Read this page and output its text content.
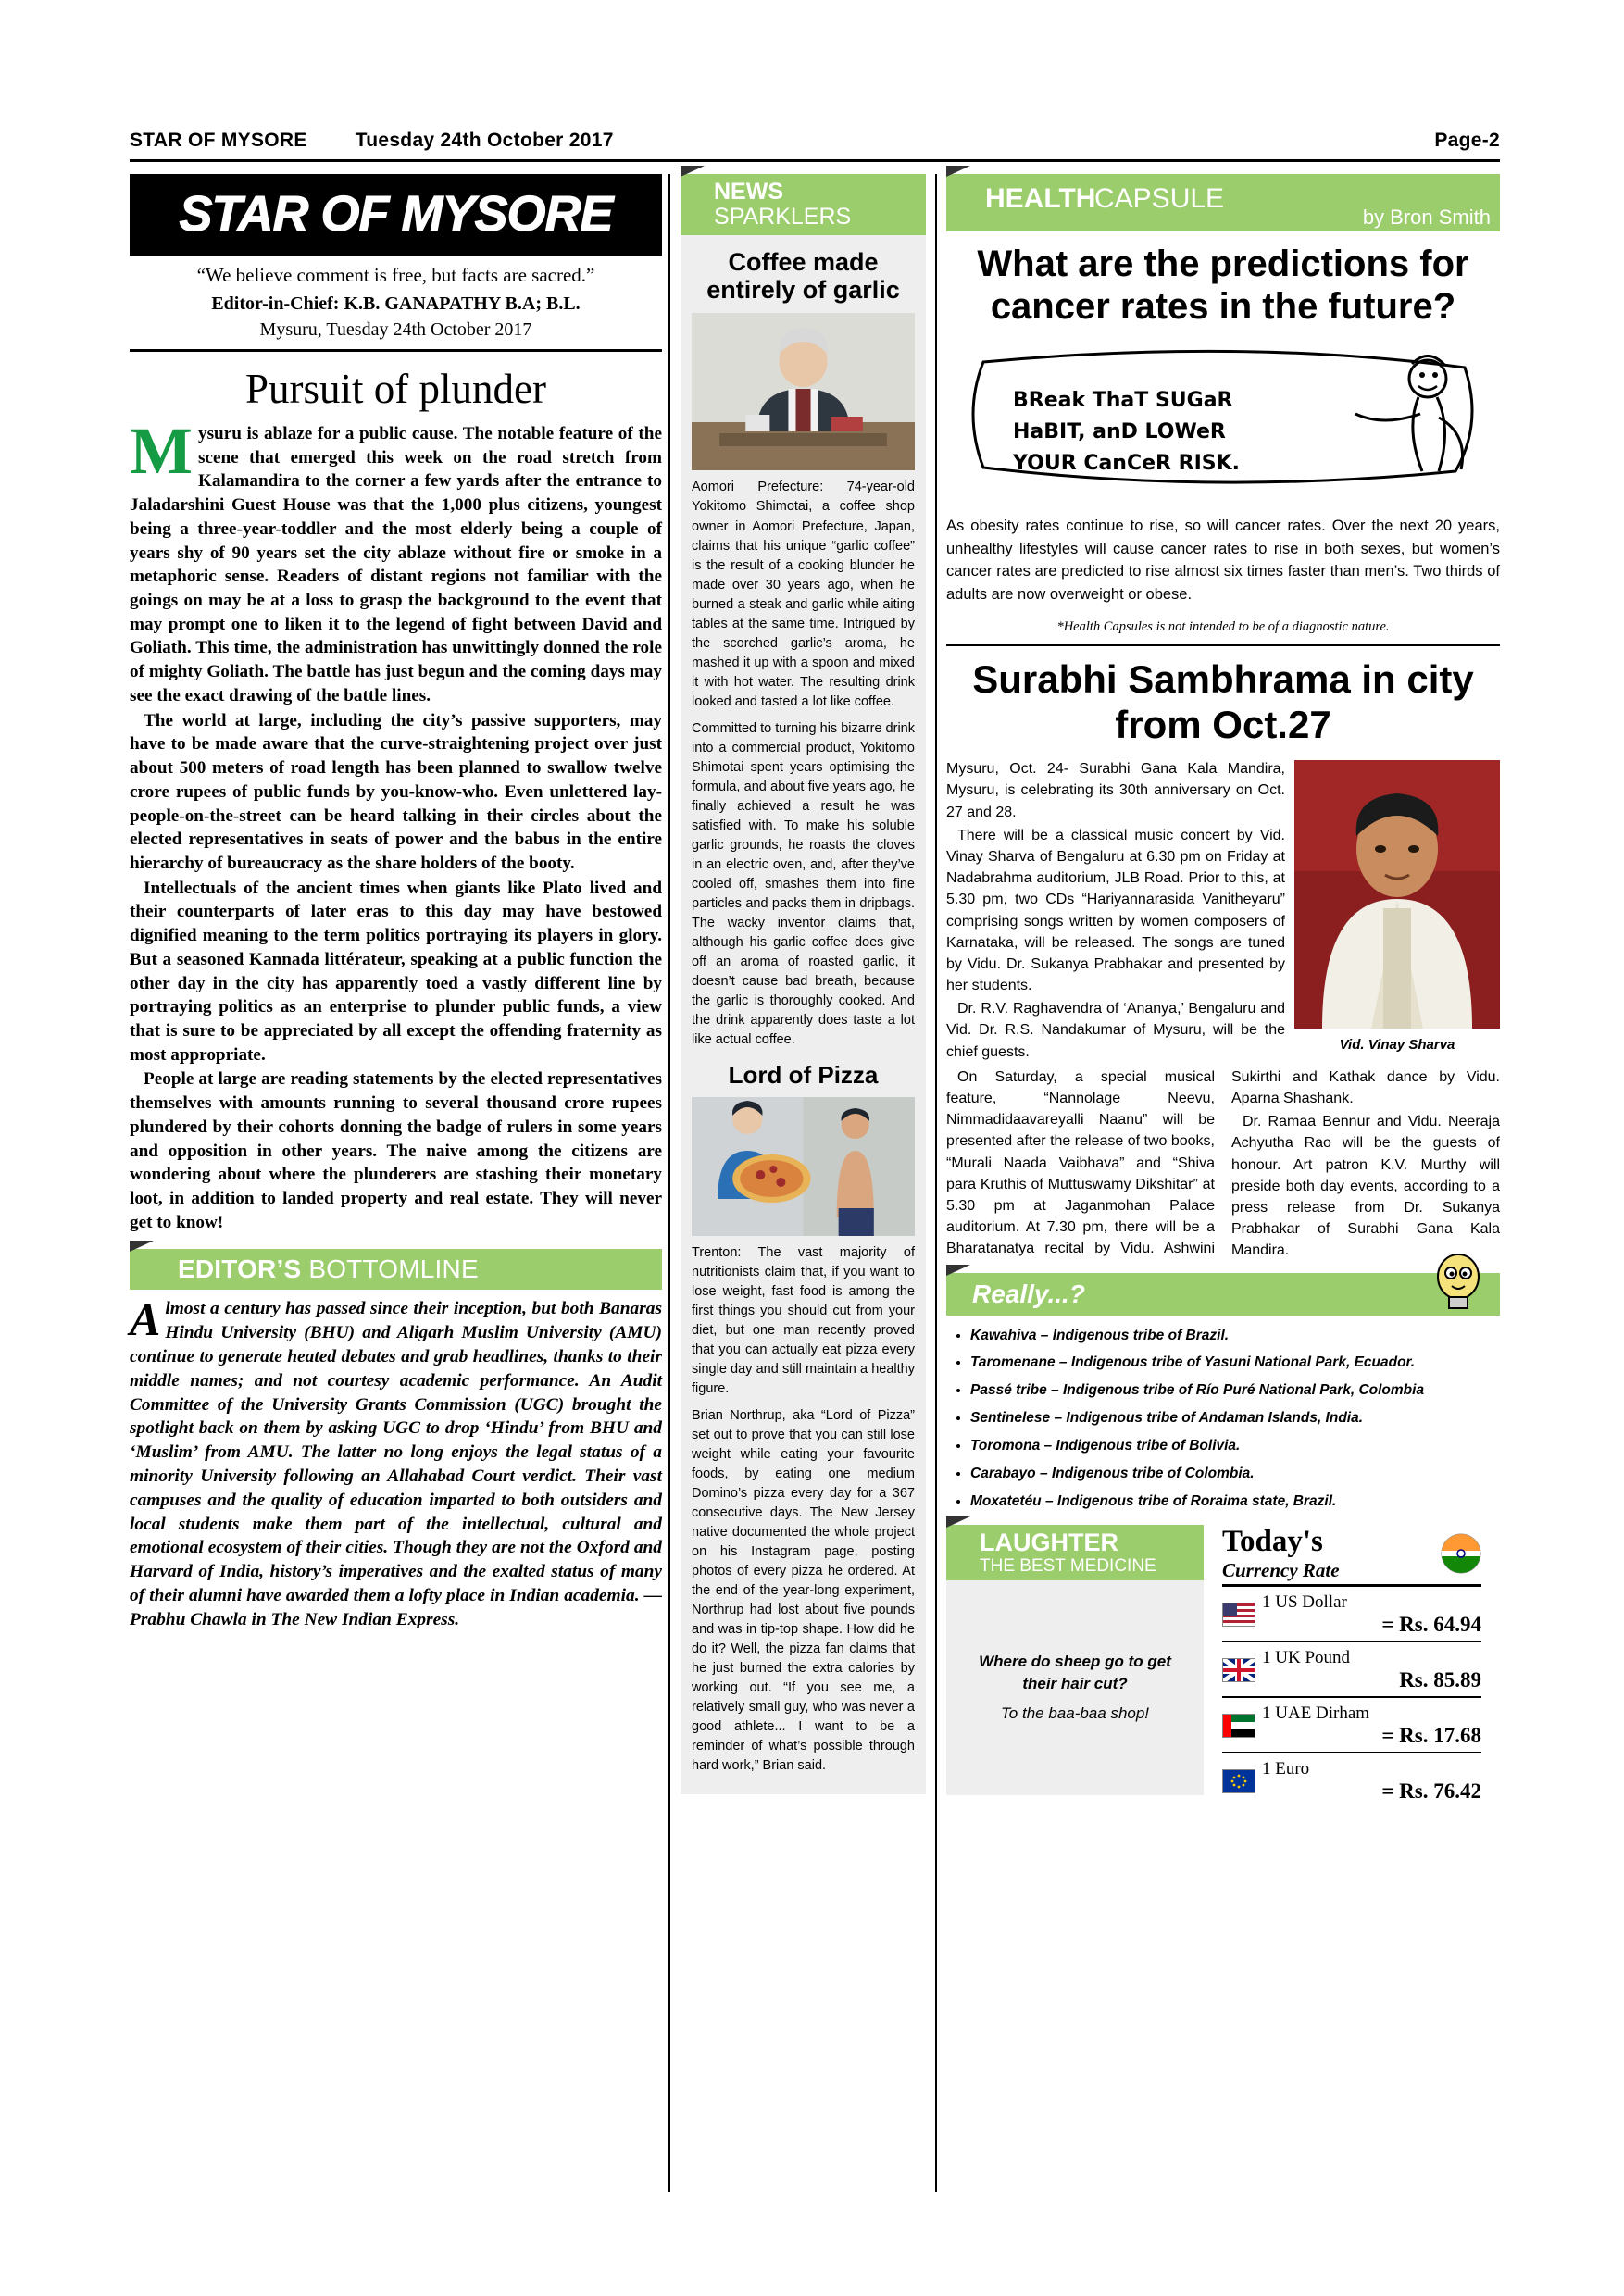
STAR OF MYSORE Tuesday 24th October 2017	Page-2
STAR OF MYSORE
“We believe comment is free, but facts are sacred.”
Editor-in-Chief: K.B. GANAPATHY B.A; B.L.
Mysuru, Tuesday 24th October 2017
Pursuit of plunder

Mysuru is ablaze for a public cause. The notable feature of the scene that emerged this week on the road stretch from Kalamandira to the corner a few yards after the entrance to Jaladarshini Guest House was that the 1,000 plus citizens, youngest being a three-year-toddler and the most elderly being a couple of years shy of 90 years set the city ablaze without fire or smoke in a metaphoric sense. Readers of distant regions not familiar with the goings on may be at a loss to grasp the background to the event that may prompt one to liken it to the legend of fight between David and Goliath. This time, the administration has unwittingly donned the role of mighty Goliath. The battle has just begun and the coming days may see the exact drawing of the battle lines.

The world at large, including the city’s passive supporters, may have to be made aware that the curve-straightening project over just about 500 meters of road length has been planned to swallow twelve crore rupees of public funds by you-know-who. Even unlettered lay-people-on-the-street can be heard talking in their circles about the elected representatives in seats of power and the babus in the entire hierarchy of bureaucracy as the share holders of the booty.

Intellectuals of the ancient times when giants like Plato lived and their counterparts of later eras to this day may have bestowed dignified meaning to the term politics portraying its players in glory. But a seasoned Kannada littérateur, speaking at a public function the other day in the city has apparently toed a vastly different line by portraying politics as an enterprise to plunder public funds, a view that is sure to be appreciated by all except the offending fraternity as most appropriate.

People at large are reading statements by the elected representatives themselves with amounts running to several thousand crore rupees plundered by their cohorts donning the badge of rulers in some years and opposition in other years. The naive among the citizens are wondering about where the plunderers are stashing their monetary loot, in addition to landed property and real estate. They will never get to know!

EDITOR’S BOTTOMLINE
Almost a century has passed since their inception, but both Banaras Hindu University (BHU) and Aligarh Muslim University (AMU) continue to generate heated debates and grab headlines, thanks to their middle names; and not courtesy academic performance. An Audit Committee of the University Grants Commission (UGC) brought the spotlight back on them by asking UGC to drop ‘Hindu’ from BHU and ‘Muslim’ from AMU. The latter no long enjoys the legal status of a minority University following an Allahabad Court verdict. Their vast campuses and the quality of education imparted to both outsiders and local students make them part of the intellectual, cultural and emotional ecosystem of their cities. Though they are not the Oxford and Harvard of India, history’s imperatives and the exalted status of many of their alumni have awarded them a lofty place in Indian academia. — Prabhu Chawla in The New Indian Express.
NEWS
SPARKLERS
Coffee made entirely of garlic

Aomori Prefecture: 74-year-old Yokitomo Shimotai, a coffee shop owner in Aomori Prefecture, Japan, claims that his unique “garlic coffee” is the result of a cooking blunder he made over 30 years ago, when he burned a steak and garlic while aiting tables at the same time. Intrigued by the scorched garlic’s aroma, he mashed it up with a spoon and mixed it with hot water. The resulting drink looked and tasted a lot like coffee.

Committed to turning his bizarre drink into a commercial product, Yokitomo Shimotai spent years optimising the formula, and about five years ago, he finally achieved a result he was satisfied with. To make his soluble garlic grounds, he roasts the cloves in an electric oven, and, after they’ve cooled off, smashes them into fine particles and packs them in dripbags. The wacky inventor claims that, although his garlic coffee does give off an aroma of roasted garlic, it doesn’t cause bad breath, because the garlic is thoroughly cooked. And the drink apparently does taste a lot like actual coffee.

Lord of Pizza

Trenton: The vast majority of nutritionists claim that, if you want to lose weight, fast food is among the first things you should cut from your diet, but one man recently proved that you can actually eat pizza every single day and still maintain a healthy figure.

Brian Northrup, aka “Lord of Pizza” set out to prove that you can still lose weight while eating your favourite foods, by eating one medium Domino’s pizza every day for a 367 consecutive days. The New Jersey native documented the whole project on his Instagram page, posting photos of every pizza he ordered. At the end of the year-long experiment, Northrup had lost about five pounds and was in tip-top shape. How did he do it? Well, the pizza fan claims that he just burned the extra calories by working out. “If you see me, a relatively small guy, who was never a good athlete... I want to be a reminder of what’s possible through hard work,” Brian said.

HEALTH
CAPSULE
by Bron Smith
What are the predictions for cancer rates in the future?
BReak ThaT SUGaR
HaBIT, anD LOWeR
YOUR CanCeR RISK.
As obesity rates continue to rise, so will cancer rates. Over the next 20 years, unhealthy lifestyles will cause cancer rates to rise in both sexes, but women’s cancer rates are predicted to rise almost six times faster than men’s. Two thirds of adults are now overweight or obese.
*Health Capsules is not intended to be of a diagnostic nature.
Surabhi Sambhrama in city from Oct.27
Vid. Vinay Sharva

Mysuru, Oct. 24- Surabhi Gana Kala Mandira, Mysuru, is celebrating its 30th anniversary on Oct. 27 and 28.

There will be a classical music concert by Vid. Vinay Sharva of Bengaluru at 6.30 pm on Friday at Nadabrahma auditorium, JLB Road. Prior to this, at 5.30 pm, two CDs “Hariyannarasida Vanitheyaru” comprising songs written by women composers of Karnataka, will be released. The songs are tuned by Vidu. Dr. Sukanya Prabhakar and presented by her students.

Dr. R.V. Raghavendra of ‘Ananya,’ Bengaluru and Vid. Dr. R.S. Nandakumar of Mysuru, will be the chief guests.

On Saturday, a special musical feature, “Nannolage Neevu, Nimmadidaavareyalli Naanu” will be presented after the release of two books, “Murali Naada Vaibhava” and “Shiva para Kruthis of Muttuswamy Dikshitar” at 5.30 pm at Jaganmohan Palace auditorium. At 7.30 pm, there will be a Bharatanatya recital by Vidu. Ashwini Sukirthi and Kathak dance by Vidu. Aparna Shashank.

Dr. Ramaa Bennur and Vidu. Neeraja Achyutha Rao will be the guests of honour. Art patron K.V. Murthy will preside both day events, according to a press release from Dr. Sukanya Prabhakar of Surabhi Gana Kala Mandira.

Really...?
• Kawahiva – Indigenous tribe of Brazil.
• Taromenane – Indigenous tribe of Yasuni National Park, Ecuador.
• Passé tribe – Indigenous tribe of Río Puré National Park, Colombia
• Sentinelese – Indigenous tribe of Andaman Islands, India.
• Toromona – Indigenous tribe of Bolivia.
• Carabayo – Indigenous tribe of Colombia.
• Moxatetéu – Indigenous tribe of Roraima state, Brazil.
LAUGHTER
THE BEST MEDICINE
Where do sheep go to get their hair cut?
To the baa-baa shop!
Today's
Currency Rate
1 US Dollar
= Rs. 64.94
1 UK Pound
Rs. 85.89
1 UAE Dirham
= Rs. 17.68
1 Euro
= Rs. 76.42
